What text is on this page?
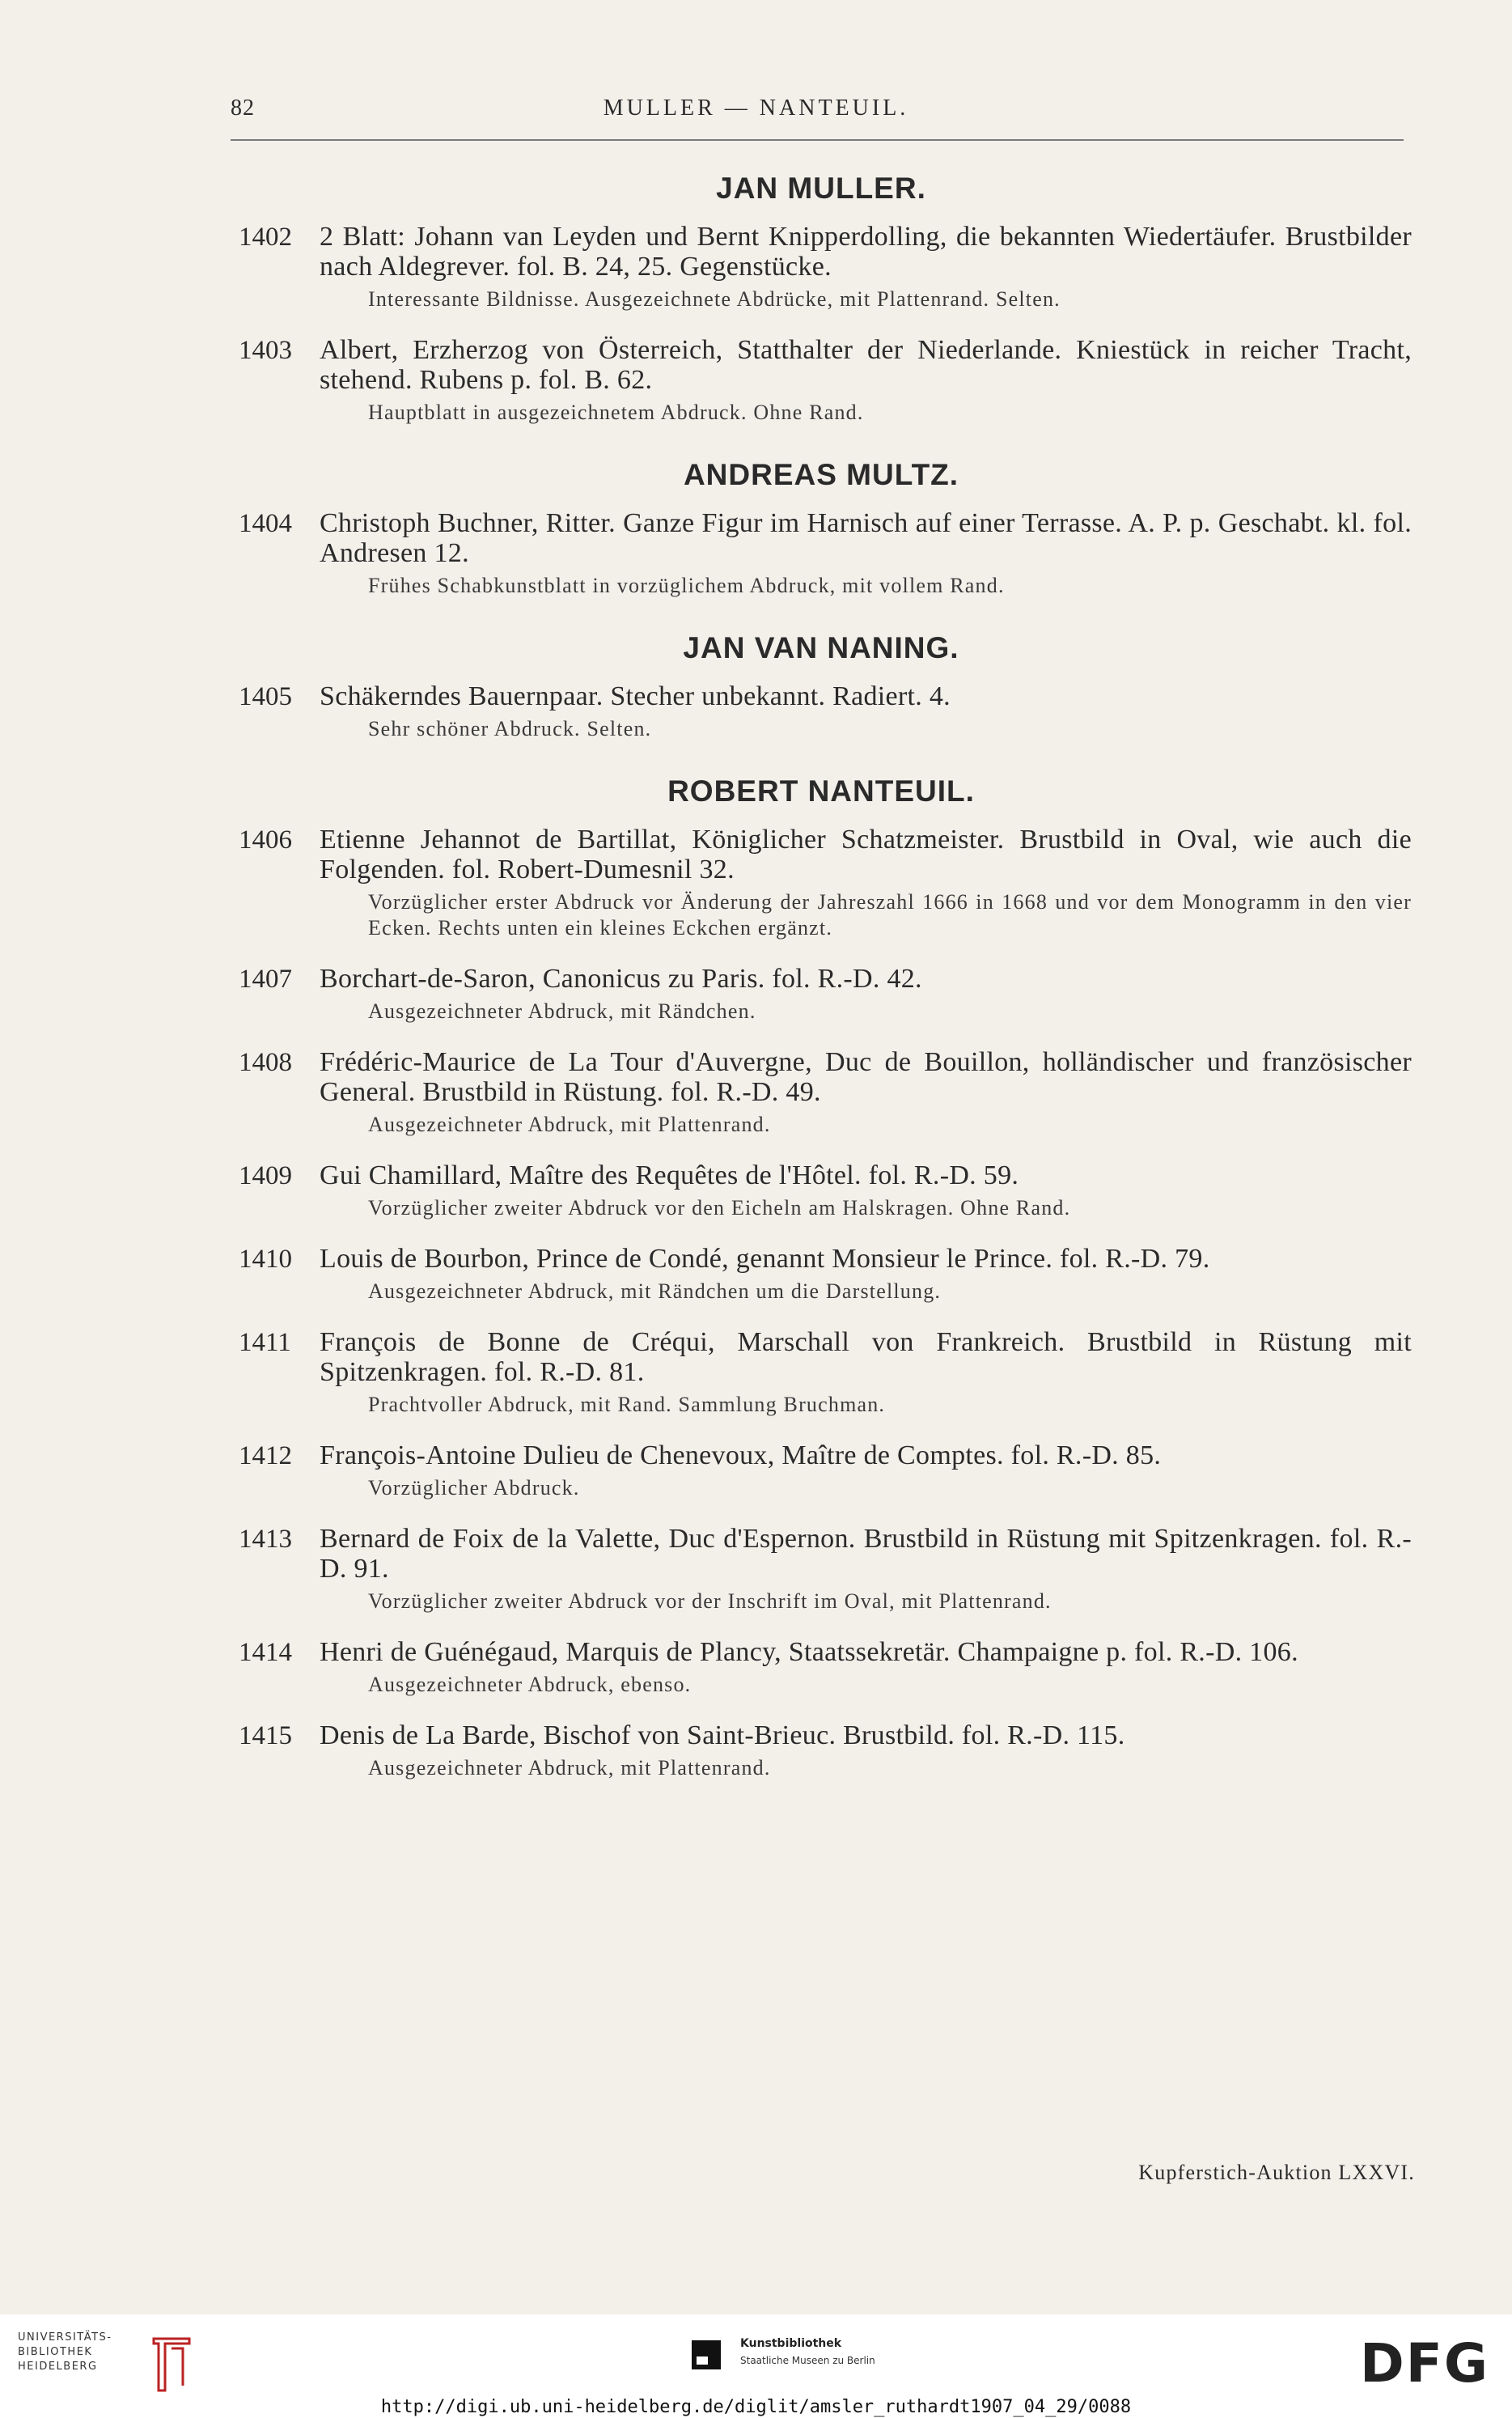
82	MULLER — NANTEUIL.
JAN MULLER.
1402 2 Blatt: Johann van Leyden und Bernt Knipperdolling, die bekannten Wiedertäufer. Brustbilder nach Aldegrever. fol. B. 24, 25. Gegenstücke.
Interessante Bildnisse. Ausgezeichnete Abdrücke, mit Plattenrand. Selten.
1403 Albert, Erzherzog von Österreich, Statthalter der Niederlande. Kniestück in reicher Tracht, stehend. Rubens p. fol. B. 62.
Hauptblatt in ausgezeichnetem Abdruck. Ohne Rand.
ANDREAS MULTZ.
1404 Christoph Buchner, Ritter. Ganze Figur im Harnisch auf einer Terrasse. A. P. p. Geschabt. kl. fol. Andresen 12.
Frühes Schabkunstblatt in vorzüglichem Abdruck, mit vollem Rand.
JAN VAN NANING.
1405 Schäkerndes Bauernpaar. Stecher unbekannt. Radiert. 4.
Sehr schöner Abdruck. Selten.
ROBERT NANTEUIL.
1406 Etienne Jehannot de Bartillat, Königlicher Schatzmeister. Brustbild in Oval, wie auch die Folgenden. fol. Robert-Dumesnil 32.
Vorzüglicher erster Abdruck vor Änderung der Jahreszahl 1666 in 1668 und vor dem Monogramm in den vier Ecken. Rechts unten ein kleines Eckchen ergänzt.
1407 Borchart-de-Saron, Canonicus zu Paris. fol. R.-D. 42.
Ausgezeichneter Abdruck, mit Rändchen.
1408 Frédéric-Maurice de La Tour d'Auvergne, Duc de Bouillon, holländischer und französischer General. Brustbild in Rüstung. fol. R.-D. 49.
Ausgezeichneter Abdruck, mit Plattenrand.
1409 Gui Chamillard, Maître des Requêtes de l'Hôtel. fol. R.-D. 59.
Vorzüglicher zweiter Abdruck vor den Eicheln am Halskragen. Ohne Rand.
1410 Louis de Bourbon, Prince de Condé, genannt Monsieur le Prince. fol. R.-D. 79.
Ausgezeichneter Abdruck, mit Rändchen um die Darstellung.
1411 François de Bonne de Créqui, Marschall von Frankreich. Brustbild in Rüstung mit Spitzenkragen. fol. R.-D. 81.
Prachtvoller Abdruck, mit Rand. Sammlung Bruchman.
1412 François-Antoine Dulieu de Chenevoux, Maître de Comptes. fol. R.-D. 85.
Vorzüglicher Abdruck.
1413 Bernard de Foix de la Valette, Duc d'Espernon. Brustbild in Rüstung mit Spitzenkragen. fol. R.-D. 91.
Vorzüglicher zweiter Abdruck vor der Inschrift im Oval, mit Plattenrand.
1414 Henri de Guénégaud, Marquis de Plancy, Staatssekretär. Champaigne p. fol. R.-D. 106.
Ausgezeichneter Abdruck, ebenso.
1415 Denis de La Barde, Bischof von Saint-Brieuc. Brustbild. fol. R.-D. 115.
Ausgezeichneter Abdruck, mit Plattenrand.
Kupferstich-Auktion LXXVI.
UNIVERSITÄTS-
BIBLIOTHEK
HEIDELBERG
Kunstbibliothek
Staatliche Museen zu Berlin	DFG
http://digi.ub.uni-heidelberg.de/diglit/amsler_ruthardt1907_04_29/0088
